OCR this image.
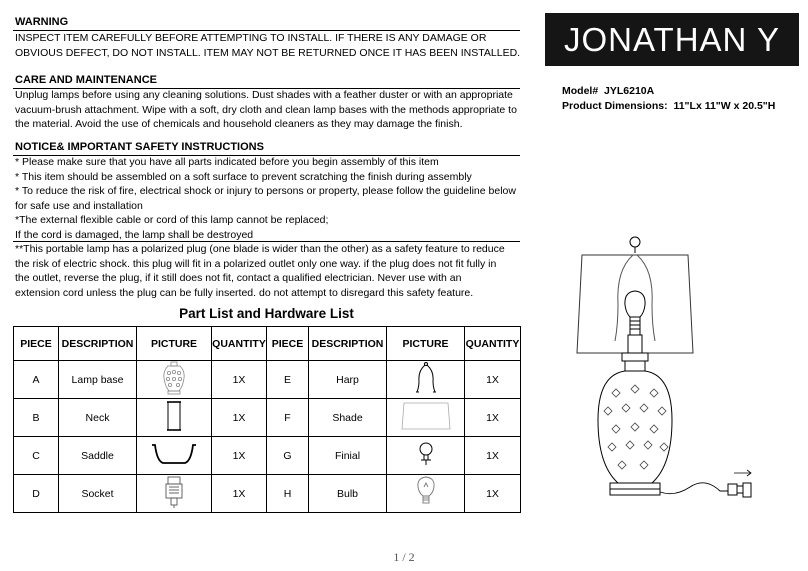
WARNING
INSPECT ITEM CAREFULLY BEFORE ATTEMPTING TO INSTALL. IF THERE IS ANY DAMAGE OR
OBVIOUS DEFECT, DO NOT INSTALL. ITEM MAY NOT BE RETURNED ONCE IT HAS BEEN INSTALLED.
CARE AND MAINTENANCE
Unplug lamps before using any cleaning solutions. Dust shades with a feather duster or with an appropriate
vacuum-brush attachment. Wipe with a soft, dry cloth and clean lamp bases with the methods appropriate to
the material. Avoid the use of chemicals and household cleaners as they may damage the finish.
NOTICE& IMPORTANT SAFETY INSTRUCTIONS
* Please make sure that you have all parts indicated before you begin assembly of this item
* This item should be assembled on a soft surface to prevent scratching the finish during assembly
* To reduce the risk of fire, electrical shock or injury to persons or property, please follow the guideline below
for safe use and installation
*The external flexible cable or cord of this lamp cannot be replaced;
If the cord is damaged, the lamp shall be destroyed
**This portable lamp has a polarized plug (one blade is wider than the other) as a safety feature to reduce
the risk of electric shock. this plug will fit in a polarized outlet only one way. if the plug does not fit fully in
the outlet, reverse the plug, if it still does not fit, contact a qualified electrician. Never use with an
extension cord unless the plug can be fully inserted. do not attempt to disregard this safety feature.
JONATHAN Y
Model# JYL6210A
Product Dimensions: 11"Lx 11"W x 20.5"H
Part List and Hardware List
PIECE	DESCRIPTION	PICTURE	QUANTITY	PIECE	DESCRIPTION	PICTURE	QUANTITY
A	Lamp base		1X	E	Harp		1X
B	Neck		1X	F	Shade		1X
C	Saddle		1X	G	Finial		1X
D	Socket		1X	H	Bulb		1X
1 / 2
